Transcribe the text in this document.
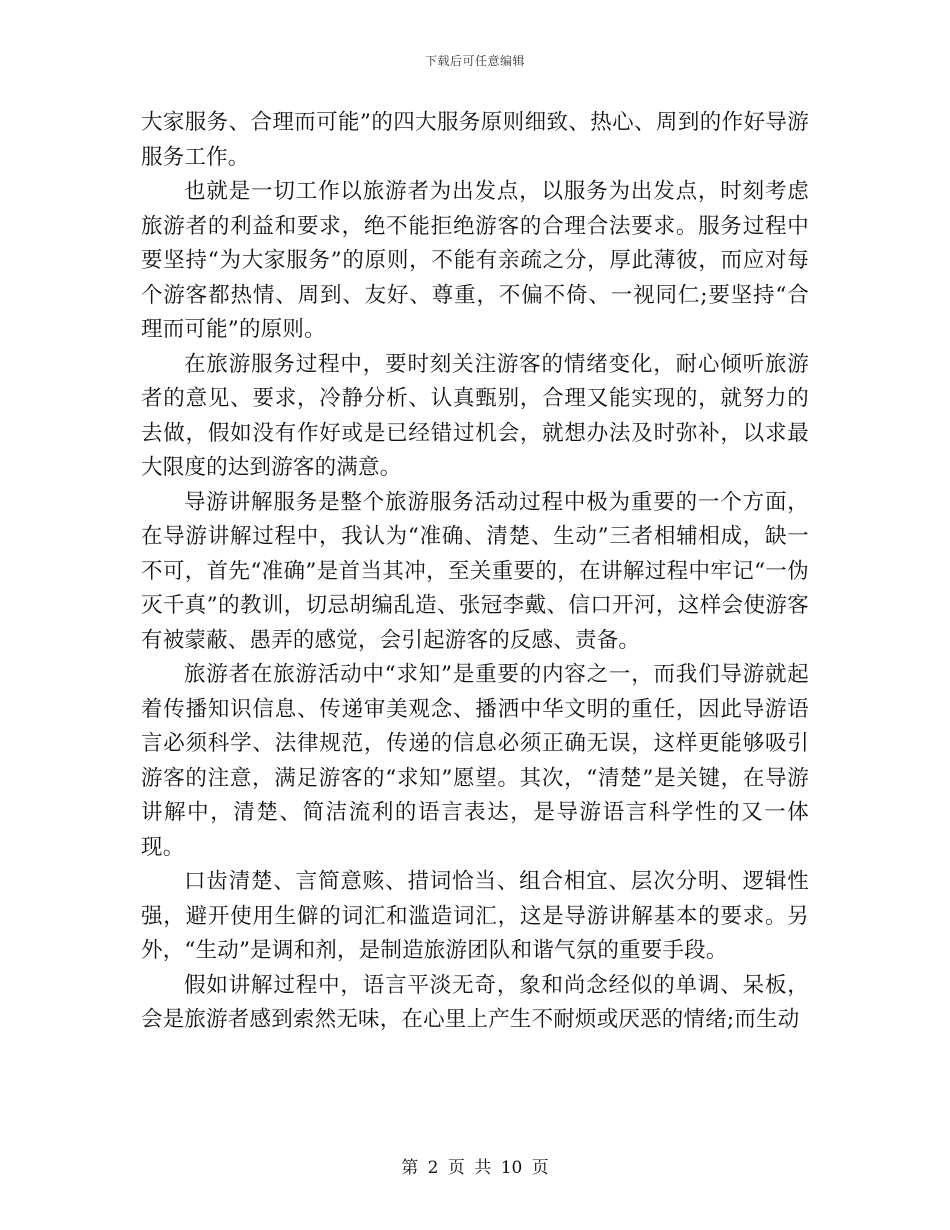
下载后可任意编辑

大家服务、合理而可能”的四大服务原则细致、热心、周到的作好导游服务工作。

也就是一切工作以旅游者为出发点，以服务为出发点，时刻考虑旅游者的利益和要求，绝不能拒绝游客的合理合法要求。服务过程中要坚持“为大家服务”的原则，不能有亲疏之分，厚此薄彼，而应对每个游客都热情、周到、友好、尊重，不偏不倚、一视同仁;要坚持“合理而可能”的原则。

在旅游服务过程中，要时刻关注游客的情绪变化，耐心倾听旅游者的意见、要求，冷静分析、认真甄别，合理又能实现的，就努力的去做，假如没有作好或是已经错过机会，就想办法及时弥补，以求最大限度的达到游客的满意。

导游讲解服务是整个旅游服务活动过程中极为重要的一个方面，在导游讲解过程中，我认为“准确、清楚、生动”三者相辅相成，缺一不可，首先“准确”是首当其冲，至关重要的，在讲解过程中牢记“一伪灭千真”的教训，切忌胡编乱造、张冠李戴、信口开河，这样会使游客有被蒙蔽、愚弄的感觉，会引起游客的反感、责备。

旅游者在旅游活动中“求知”是重要的内容之一，而我们导游就起着传播知识信息、传递审美观念、播洒中华文明的重任，因此导游语言必须科学、法律规范，传递的信息必须正确无误，这样更能够吸引游客的注意，满足游客的“求知”愿望。其次，“清楚”是关键，在导游讲解中，清楚、简洁流利的语言表达，是导游语言科学性的又一体现。

口齿清楚、言简意赅、措词恰当、组合相宜、层次分明、逻辑性强，避开使用生僻的词汇和滥造词汇，这是导游讲解基本的要求。另外，“生动”是调和剂，是制造旅游团队和谐气氛的重要手段。

假如讲解过程中，语言平淡无奇，象和尚念经似的单调、呆板，会是旅游者感到索然无味，在心里上产生不耐烦或厌恶的情绪;而生动

第 2 页 共 10 页
